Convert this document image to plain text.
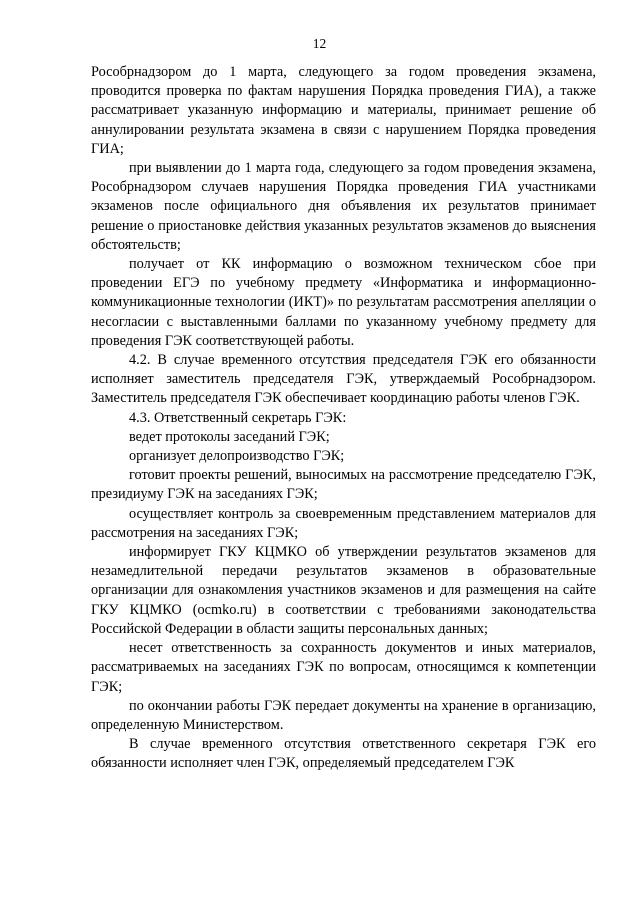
12

Рособрнадзором до 1 марта, следующего за годом проведения экзамена, проводится проверка по фактам нарушения Порядка проведения ГИА), а также рассматривает указанную информацию и материалы, принимает решение об аннулировании результата экзамена в связи с нарушением Порядка проведения ГИА;

при выявлении до 1 марта года, следующего за годом проведения экзамена, Рособрнадзором случаев нарушения Порядка проведения ГИА участниками экзаменов после официального дня объявления их результатов принимает решение о приостановке действия указанных результатов экзаменов до выяснения обстоятельств;

получает от КК информацию о возможном техническом сбое при проведении ЕГЭ по учебному предмету «Информатика и информационно-коммуникационные технологии (ИКТ)» по результатам рассмотрения апелляции о несогласии с выставленными баллами по указанному учебному предмету для проведения ГЭК соответствующей работы.

4.2. В случае временного отсутствия председателя ГЭК его обязанности исполняет заместитель председателя ГЭК, утверждаемый Рособрнадзором. Заместитель председателя ГЭК обеспечивает координацию работы членов ГЭК.

4.3. Ответственный секретарь ГЭК:

ведет протоколы заседаний ГЭК;

организует делопроизводство ГЭК;

готовит проекты решений, выносимых на рассмотрение председателю ГЭК, президиуму ГЭК на заседаниях ГЭК;

осуществляет контроль за своевременным представлением материалов для рассмотрения на заседаниях ГЭК;

информирует ГКУ КЦМКО об утверждении результатов экзаменов для незамедлительной передачи результатов экзаменов в образовательные организации для ознакомления участников экзаменов и для размещения на сайте ГКУ КЦМКО (ocmko.ru) в соответствии с требованиями законодательства Российской Федерации в области защиты персональных данных;

несет ответственность за сохранность документов и иных материалов, рассматриваемых на заседаниях ГЭК по вопросам, относящимся к компетенции ГЭК;

по окончании работы ГЭК передает документы на хранение в организацию, определенную Министерством.

В случае временного отсутствия ответственного секретаря ГЭК его обязанности исполняет член ГЭК, определяемый председателем ГЭК
